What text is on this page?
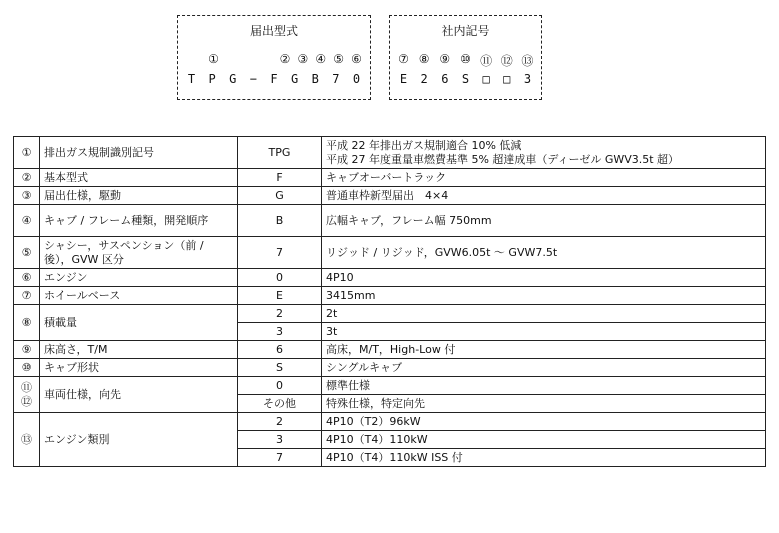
届出型式
①	② ③ ④ ⑤ ⑥
T	P	G	−	F	G	B	7	0
社内記号
⑦ ⑧ ⑨ ⑩ ⑪ ⑫ ⑬
E	2	6	S	□	□	3
①	排出ガス規制識別記号	TPG	平成 22 年排出ガス規制適合 10% 低減
平成 27 年度重量車燃費基準 5% 超達成車（ディーゼル GWV3.5t 超）

②	基本型式	F	キャブオーバートラック

③	届出仕様，駆動	G	普通車枠新型届出　4×4

④	キャブ / フレーム種類，開発順序	B	広幅キャブ，フレーム幅 750mm

⑤	シャシー，サスペンション（前 / 後），GVW 区分	7	リジッド / リジッド，GVW6.05t ～ GVW7.5t

⑥	エンジン	0	4P10

⑦	ホイールベース	E	3415mm

⑧	積載量	2	2t
		3	3t
⑨	床高さ，T/M	6	高床，M/T，High-Low 付

⑩	キャブ形状	S	シングルキャブ

⑪
⑫	車両仕様，向先	0	標準仕様
		その他	特殊仕様，特定向先
⑬	エンジン類別	2	4P10（T2）96kW
		3	4P10（T4）110kW
		7	4P10（T4）110kW ISS 付
